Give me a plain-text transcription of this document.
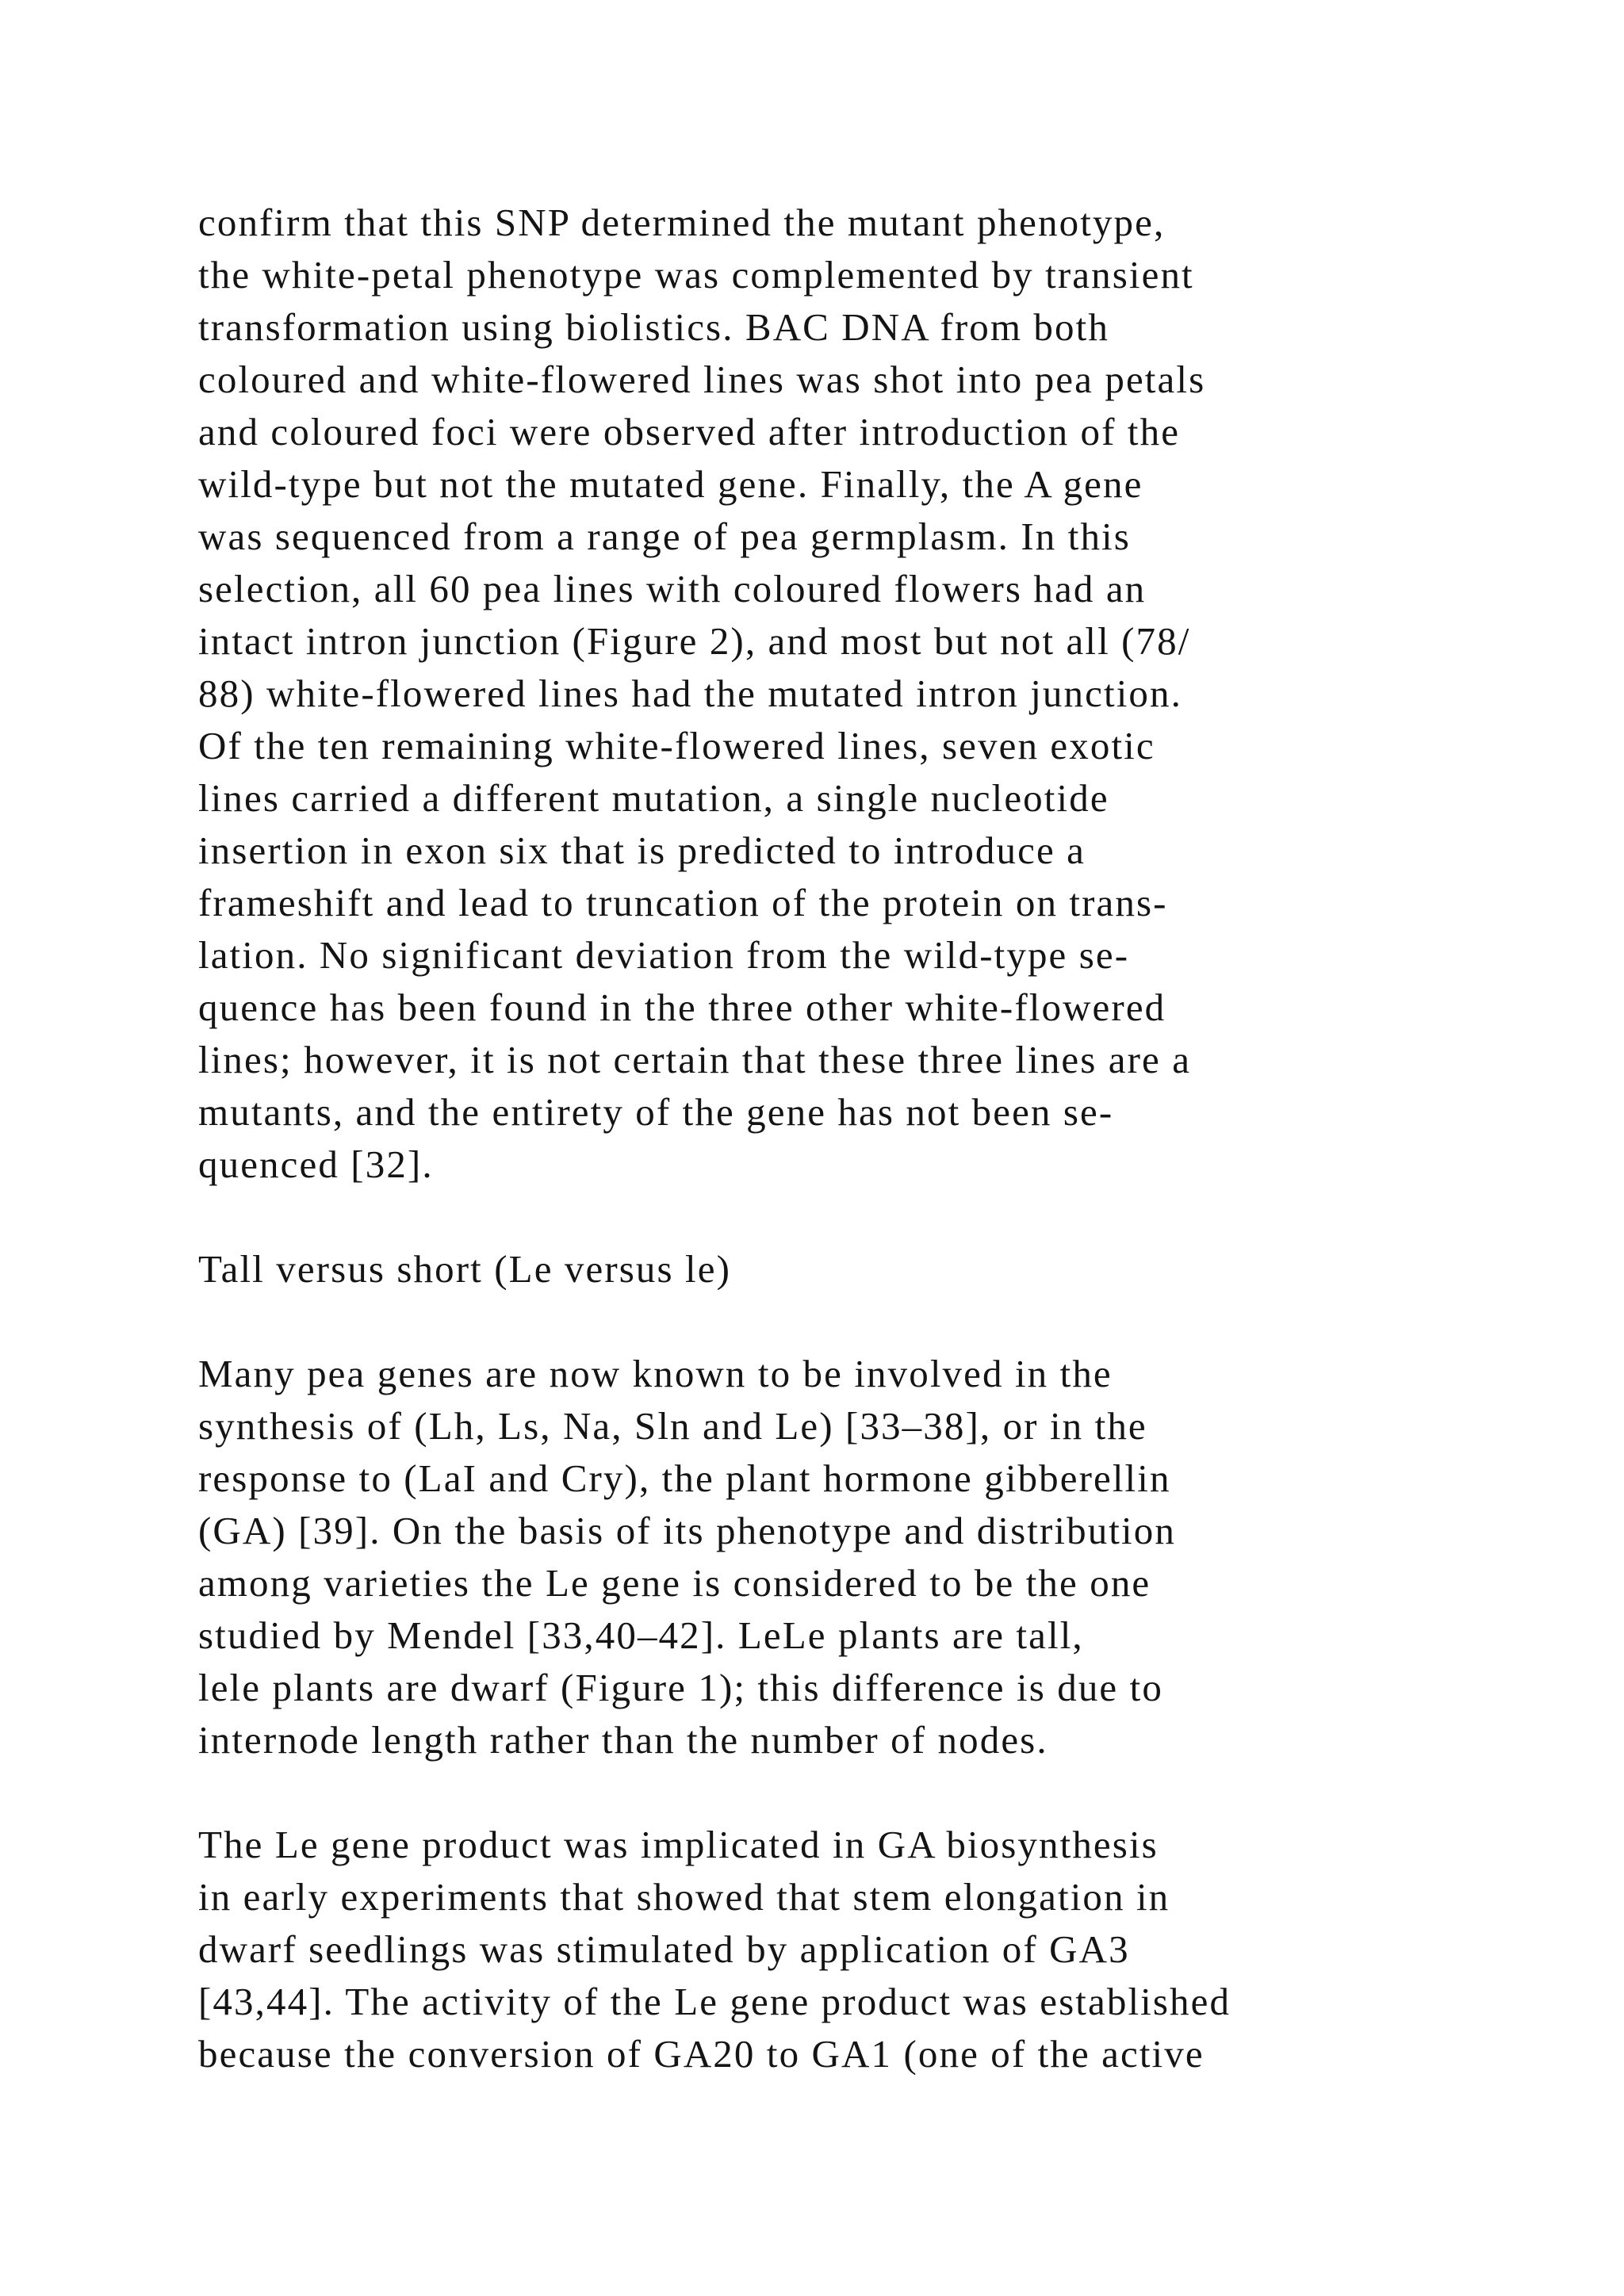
confirm that this SNP determined the mutant phenotype,
the white-petal phenotype was complemented by transient
transformation using biolistics. BAC DNA from both
coloured and white-flowered lines was shot into pea petals
and coloured foci were observed after introduction of the
wild-type but not the mutated gene. Finally, the A gene
was sequenced from a range of pea germplasm. In this
selection, all 60 pea lines with coloured flowers had an
intact intron junction (Figure 2), and most but not all (78/
88) white-flowered lines had the mutated intron junction.
Of the ten remaining white-flowered lines, seven exotic
lines carried a different mutation, a single nucleotide
insertion in exon six that is predicted to introduce a
frameshift and lead to truncation of the protein on trans-
lation. No significant deviation from the wild-type se-
quence has been found in the three other white-flowered
lines; however, it is not certain that these three lines are a
mutants, and the entirety of the gene has not been se-
quenced [32].
Tall versus short (Le versus le)
Many pea genes are now known to be involved in the
synthesis of (Lh, Ls, Na, Sln and Le) [33–38], or in the
response to (LaI and Cry), the plant hormone gibberellin
(GA) [39]. On the basis of its phenotype and distribution
among varieties the Le gene is considered to be the one
studied by Mendel [33,40–42]. LeLe plants are tall,
lele plants are dwarf (Figure 1); this difference is due to
internode length rather than the number of nodes.
The Le gene product was implicated in GA biosynthesis
in early experiments that showed that stem elongation in
dwarf seedlings was stimulated by application of GA3
[43,44]. The activity of the Le gene product was established
because the conversion of GA20 to GA1 (one of the active
